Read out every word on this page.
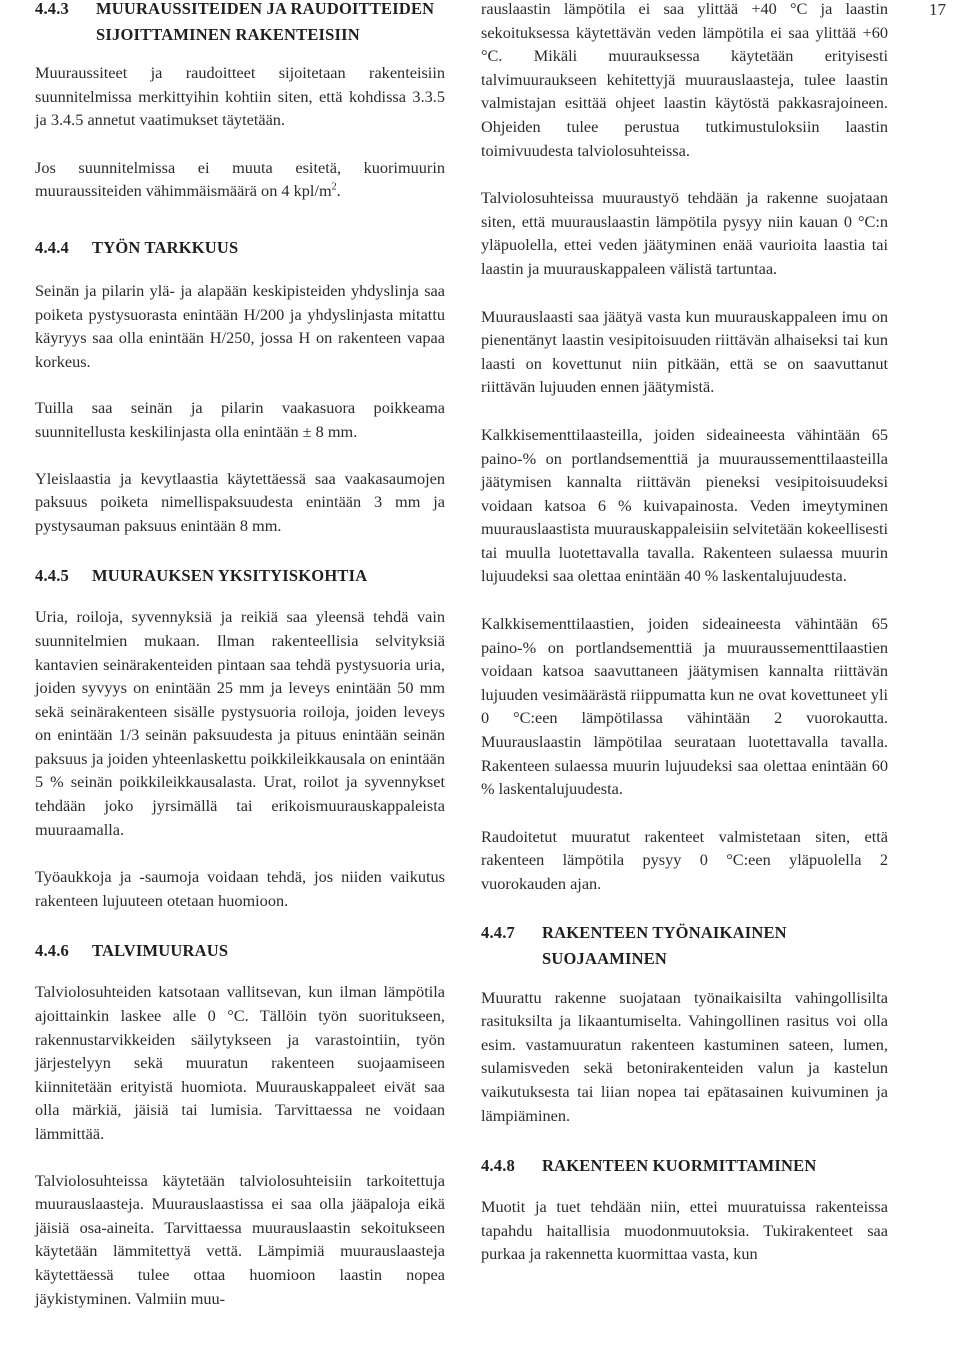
17
4.4.3	MUURAUSSITEIDEN JA RAUDOITTEIDEN SIJOITTAMINEN RAKENTEISIIN

Muuraussiteet ja raudoitteet sijoitetaan rakenteisiin suunnitelmissa merkittyihin kohtiin siten, että kohdissa 3.3.5 ja 3.4.5 annetut vaatimukset täytetään.

Jos suunnitelmissa ei muuta esitetä, kuorimuurin muuraussiteiden vähimmäismäärä on 4 kpl/$m^2$.

4.4.4	TYÖN TARKKUUS

Seinän ja pilarin ylä- ja alapään keskipisteiden yhdyslinja saa poiketa pystysuorasta enintään H/200 ja yhdyslinjasta mitattu käyryys saa olla enintään H/250, jossa H on rakenteen vapaa korkeus.

Tuilla saa seinän ja pilarin vaakasuora poikkeama suunnitellusta keskilinjasta olla enintään ± 8 mm.

Yleislaastia ja kevytlaastia käytettäessä saa vaakasaumojen paksuus poiketa nimellispaksuudesta enintään 3 mm ja pystysauman paksuus enintään 8 mm.

4.4.5	MUURAUKSEN YKSITYISKOHTIA

Uria, roiloja, syvennyksiä ja reikiä saa yleensä tehdä vain suunnitelmien mukaan. Ilman rakenteellisia selvityksiä kantavien seinärakenteiden pintaan saa tehdä pystysuoria uria, joiden syvyys on enintään 25 mm ja leveys enintään 50 mm sekä seinärakenteen sisälle pystysuoria roiloja, joiden leveys on enintään 1/3 seinän paksuudesta ja pituus enintään seinän paksuus ja joiden yhteenlaskettu poikkileikkausala on enintään 5 % seinän poikkileikkausalasta. Urat, roilot ja syvennykset tehdään joko jyrsimällä tai erikoismuurauskappaleista muuraamalla.

Työaukkoja ja -saumoja voidaan tehdä, jos niiden vaikutus rakenteen lujuuteen otetaan huomioon.

4.4.6	TALVIMUURAUS

Talviolosuhteiden katsotaan vallitsevan, kun ilman lämpötila ajoittainkin laskee alle 0 °C. Tällöin työn suoritukseen, rakennustarvikkeiden säilytykseen ja varastointiin, työn järjestelyyn sekä muuratun rakenteen suojaamiseen kiinnitetään erityistä huomiota. Muurauskappaleet eivät saa olla märkiä, jäisiä tai lumisia. Tarvittaessa ne voidaan lämmittää.

Talviolosuhteissa käytetään talviolosuhteisiin tarkoitettuja muurauslaasteja. Muurauslaastissa ei saa olla jääpaloja eikä jäisiä osa-aineita. Tarvittaessa muurauslaastin sekoitukseen käytetään lämmitettyä vettä. Lämpimiä muurauslaasteja käytettäessä tulee ottaa huomioon laastin nopea jäykistyminen. Valmiin muu-

rauslaastin lämpötila ei saa ylittää +40 °C ja laastin sekoituksessa käytettävän veden lämpötila ei saa ylittää +60 °C. Mikäli muurauksessa käytetään erityisesti talvimuuraukseen kehitettyjä muurauslaasteja, tulee laastin valmistajan esittää ohjeet laastin käytöstä pakkasrajoineen. Ohjeiden tulee perustua tutkimustuloksiin laastin toimivuudesta talviolosuhteissa.

Talviolosuhteissa muuraustyö tehdään ja rakenne suojataan siten, että muurauslaastin lämpötila pysyy niin kauan 0 °C:n yläpuolella, ettei veden jäätyminen enää vaurioita laastia tai laastin ja muurauskappaleen välistä tartuntaa.

Muurauslaasti saa jäätyä vasta kun muurauskappaleen imu on pienentänyt laastin vesipitoisuuden riittävän alhaiseksi tai kun laasti on kovettunut niin pitkään, että se on saavuttanut riittävän lujuuden ennen jäätymistä.

Kalkkisementtilaasteilla, joiden sideaineesta vähintään 65 paino-% on portlandsementtiä ja muuraussementtilaasteilla jäätymisen kannalta riittävän pieneksi vesipitoisuudeksi voidaan katsoa 6 % kuivapainosta. Veden imeytyminen muurauslaastista muurauskappaleisiin selvitetään kokeellisesti tai muulla luotettavalla tavalla. Rakenteen sulaessa muurin lujuudeksi saa olettaa enintään 40 % laskentalujuudesta.

Kalkkisementtilaastien, joiden sideaineesta vähintään 65 paino-% on portlandsementtiä ja muuraussementtilaastien voidaan katsoa saavuttaneen jäätymisen kannalta riittävän lujuuden vesimäärästä riippumatta kun ne ovat kovettuneet yli 0 °C:een lämpötilassa vähintään 2 vuorokautta. Muurauslaastin lämpötilaa seurataan luotettavalla tavalla. Rakenteen sulaessa muurin lujuudeksi saa olettaa enintään 60 % laskentalujuudesta.

Raudoitetut muuratut rakenteet valmistetaan siten, että rakenteen lämpötila pysyy 0 °C:een yläpuolella 2 vuorokauden ajan.

4.4.7	RAKENTEEN TYÖNAIKAINEN SUOJAAMINEN

Muurattu rakenne suojataan työnaikaisilta vahingollisilta rasituksilta ja likaantumiselta. Vahingollinen rasitus voi olla esim. vastamuuratun rakenteen kastuminen sateen, lumen, sulamisveden sekä betonirakenteiden valun ja kastelun vaikutuksesta tai liian nopea tai epätasainen kuivuminen ja lämpiäminen.

4.4.8	RAKENTEEN KUORMITTAMINEN

Muotit ja tuet tehdään niin, ettei muuratuissa rakenteissa tapahdu haitallisia muodonmuutoksia. Tukirakenteet saa purkaa ja rakennetta kuormittaa vasta, kun
